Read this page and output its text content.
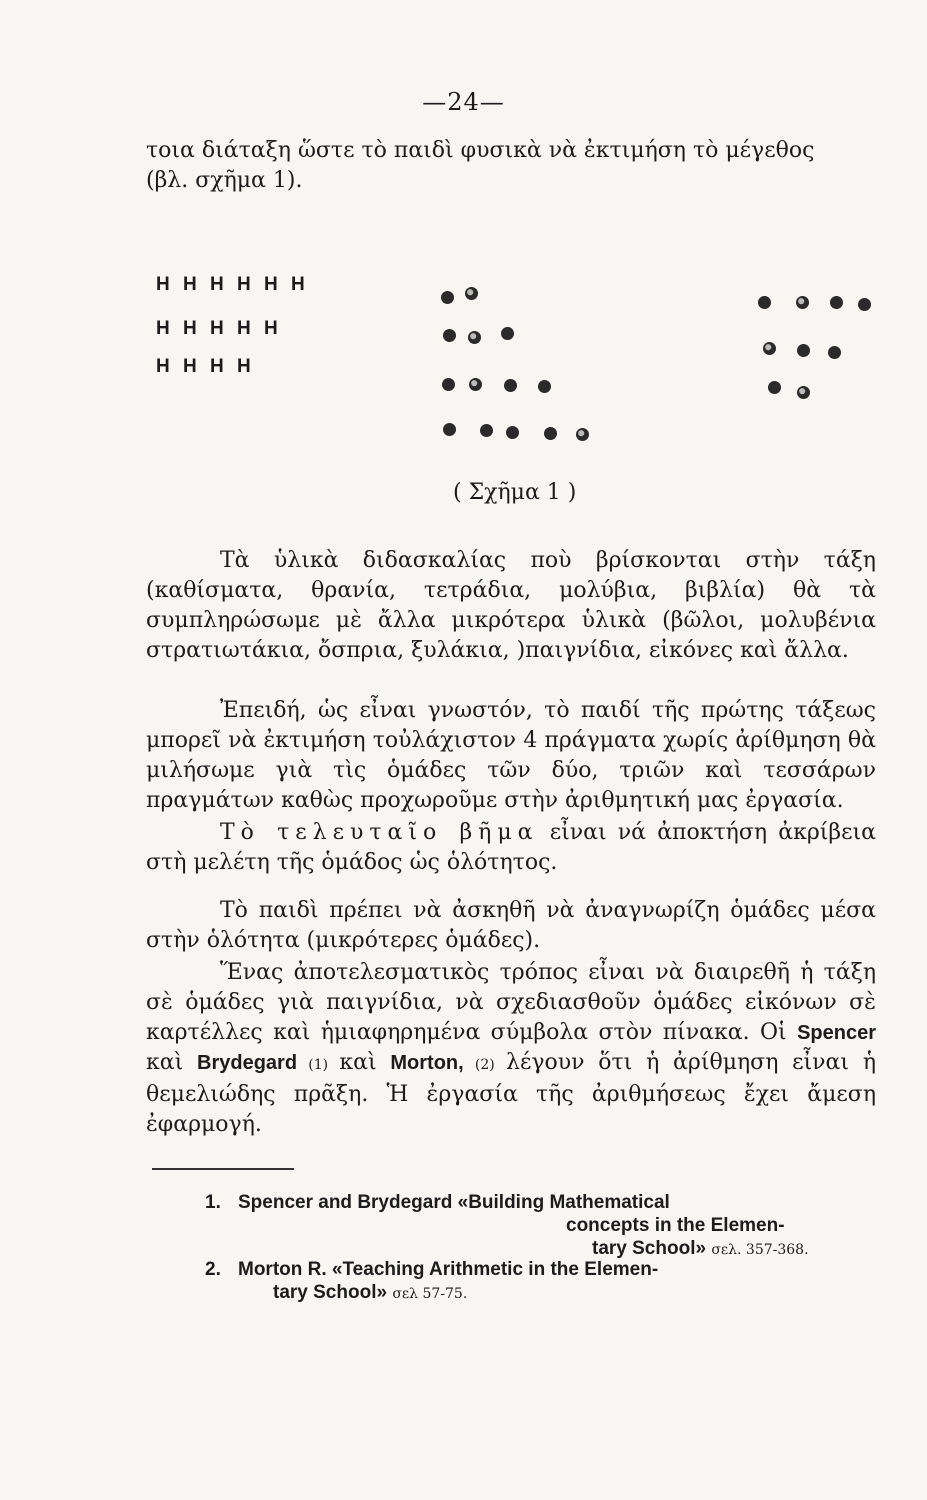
—24—
τοια διάταξη ὥστε τὸ παιδὶ φυσικὰ νὰ ἐκτιμήση τὸ μέγεθος
(βλ. σχῆμα 1).
H H H H H H
H H H H H
H H H H
( Σχῆμα 1 )
Τὰ ὑλικὰ διδασκαλίας ποὺ βρίσκονται στὴν τάξη (καθίσματα, θρανία, τετράδια, μολύβια, βιβλία) θὰ τὰ συμπληρώσωμε μὲ ἄλλα μικρότερα ὑλικὰ (βῶλοι, μολυβένια στρατιωτάκια, ὄσπρια, ξυλάκια, )παιγνίδια, εἰκόνες καὶ ἄλλα.
Ἐπειδή, ὡς εἶναι γνωστόν, τὸ παιδί τῆς πρώτης τάξεως μπορεῖ νὰ ἐκτιμήση τοὐλάχιστον 4 πράγματα χωρίς ἀρίθμηση θὰ μιλήσωμε γιὰ τὶς ὁμάδες τῶν δύο, τριῶν καὶ τεσσάρων πραγμάτων καθὼς προχωροῦμε στὴν ἀριθμητική μας ἐργασία.
Τὸ τελευταῖο βῆμα εἶναι νά ἀποκτήση ἀκρίβεια στὴ μελέτη τῆς ὁμάδος ὡς ὁλότητος.
Τὸ παιδὶ πρέπει νὰ ἀσκηθῆ νὰ ἀναγνωρίζη ὁμάδες μέσα στὴν ὁλότητα (μικρότερες ὁμάδες).
Ἕνας ἀποτελεσματικὸς τρόπος εἶναι νὰ διαιρεθῆ ἡ τάξη σὲ ὁμάδες γιὰ παιγνίδια, νὰ σχεδιασθοῦν ὁμάδες εἰκόνων σὲ καρτέλλες καὶ ἡμιαφηρημένα σύμβολα στὸν πίνακα. Οἱ Spencer καὶ Brydegard (1) καὶ Morton, (2) λέγουν ὅτι ἡ ἀρίθμηση εἶναι ἡ θεμελιώδης πρᾶξη. Ἡ ἐργασία τῆς ἀριθμήσεως ἔχει ἄμεση ἐφαρμογή.
1. Spencer and Brydegard «Building Mathematical
concepts in the Elemen-
tary School» σελ. 357-368.
2. Morton R. «Teaching Arithmetic in the Elemen-
tary School» σελ 57-75.
